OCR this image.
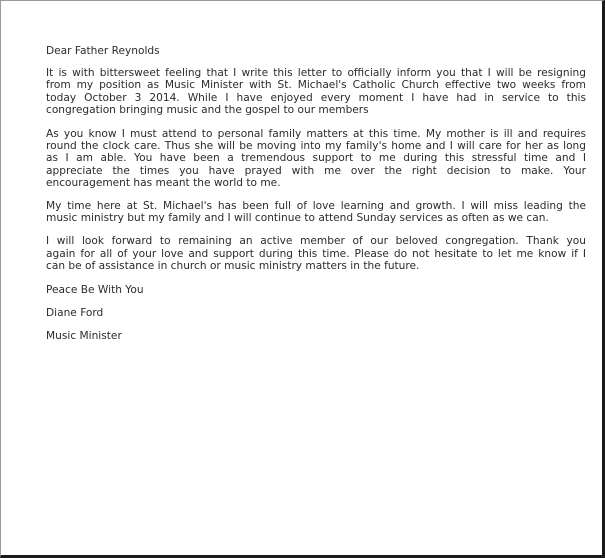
Dear Father Reynolds

It is with bittersweet feeling that I write this letter to officially inform you that I will be resigning
from my position as Music Minister with St. Michael's Catholic Church effective two weeks from
today October 3 2014. While I have enjoyed every moment I have had in service to this
congregation bringing music and the gospel to our members

As you know I must attend to personal family matters at this time. My mother is ill and requires
round the clock care. Thus she will be moving into my family's home and I will care for her as long
as I am able. You have been a tremendous support to me during this stressful time and I
appreciate the times you have prayed with me over the right decision to make. Your
encouragement has meant the world to me.

My time here at St. Michael's has been full of love learning and growth. I will miss leading the
music ministry but my family and I will continue to attend Sunday services as often as we can.

I will look forward to remaining an active member of our beloved congregation. Thank you
again for all of your love and support during this time. Please do not hesitate to let me know if I
can be of assistance in church or music ministry matters in the future.

Peace Be With You

Diane Ford

Music Minister
